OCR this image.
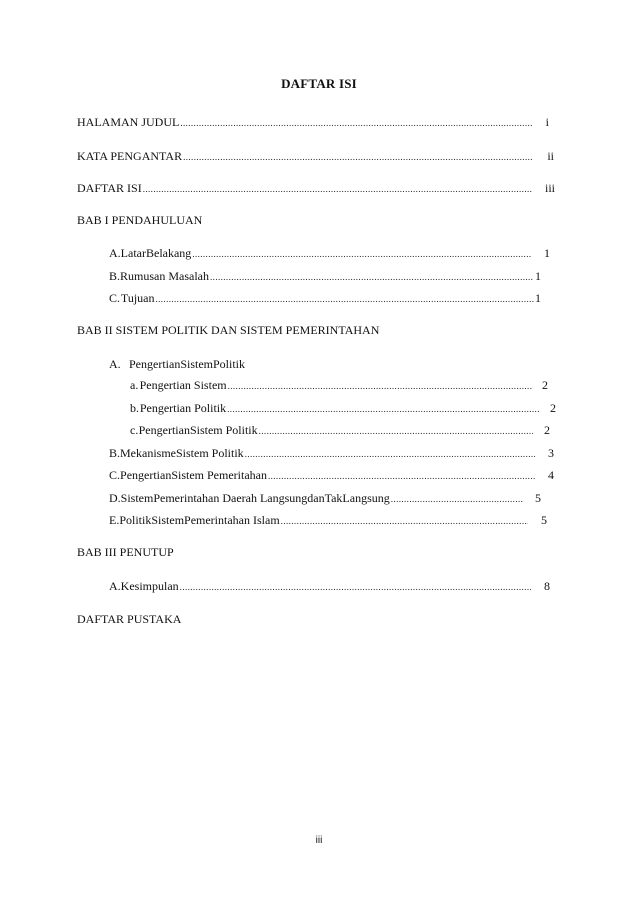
DAFTAR ISI
HALAMAN JUDUL .....	i
KATA PENGANTAR .....	ii
DAFTAR ISI .....	iii
BAB I PENDAHULUAN
A. LatarBelakang .....	1
B. Rumusan Masalah .....	1
C. Tujuan .....	1
BAB II SISTEM POLITIK DAN SISTEM PEMERINTAHAN
A. PengertianSistemPolitik
a. Pengertian Sistem .....	2
b. Pengertian Politik .....	2
c. PengertianSistem Politik .....	2
B. MekanismeSistem Politik .....	3
C. PengertianSistem Pemeritahan .....	4
D. SistemPemerintahan Daerah LangsungdanTakLangsung .....	5
E. PolitikSistemPemerintahan Islam .....	5
BAB III PENUTUP
A. Kesimpulan .....	8
DAFTAR PUSTAKA
iii
